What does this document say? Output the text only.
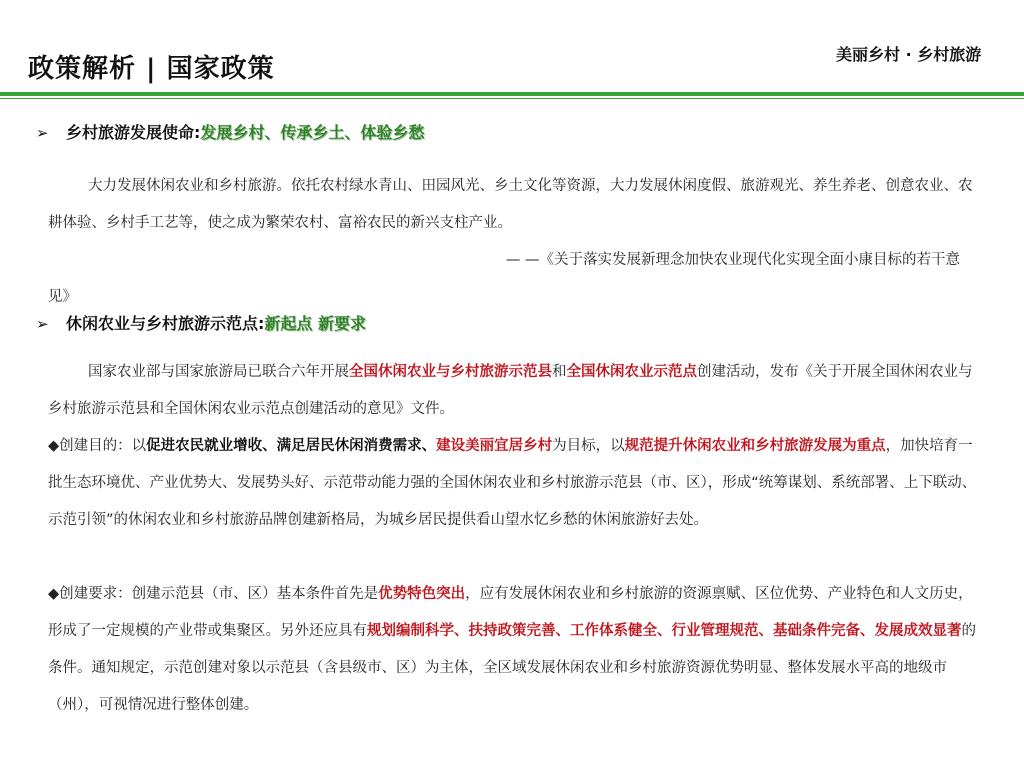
政策解析 | 国家政策	美丽乡村 · 乡村旅游
➢ 乡村旅游发展使命:发展乡村、传承乡土、体验乡愁
大力发展休闲农业和乡村旅游。依托农村绿水青山、田园风光、乡土文化等资源，大力发展休闲度假、旅游观光、养生养老、创意农业、农耕体验、乡村手工艺等，使之成为繁荣农村、富裕农民的新兴支柱产业。
— —《关于落实发展新理念加快农业现代化实现全面小康目标的若干意
见》
➢ 休闲农业与乡村旅游示范点:新起点 新要求
国家农业部与国家旅游局已联合六年开展全国休闲农业与乡村旅游示范县和全国休闲农业示范点创建活动，发布《关于开展全国休闲农业与乡村旅游示范县和全国休闲农业示范点创建活动的意见》文件。
◆创建目的：以促进农民就业增收、满足居民休闲消费需求、建设美丽宜居乡村为目标，以规范提升休闲农业和乡村旅游发展为重点，加快培育一批生态环境优、产业优势大、发展势头好、示范带动能力强的全国休闲农业和乡村旅游示范县（市、区），形成“统筹谋划、系统部署、上下联动、示范引领”的休闲农业和乡村旅游品牌创建新格局，为城乡居民提供看山望水忆乡愁的休闲旅游好去处。
◆创建要求：创建示范县（市、区）基本条件首先是优势特色突出，应有发展休闲农业和乡村旅游的资源禀赋、区位优势、产业特色和人文历史，形成了一定规模的产业带或集聚区。另外还应具有规划编制科学、扶持政策完善、工作体系健全、行业管理规范、基础条件完备、发展成效显著的条件。通知规定，示范创建对象以示范县（含县级市、区）为主体，全区域发展休闲农业和乡村旅游资源优势明显、整体发展水平高的地级市（州），可视情况进行整体创建。
